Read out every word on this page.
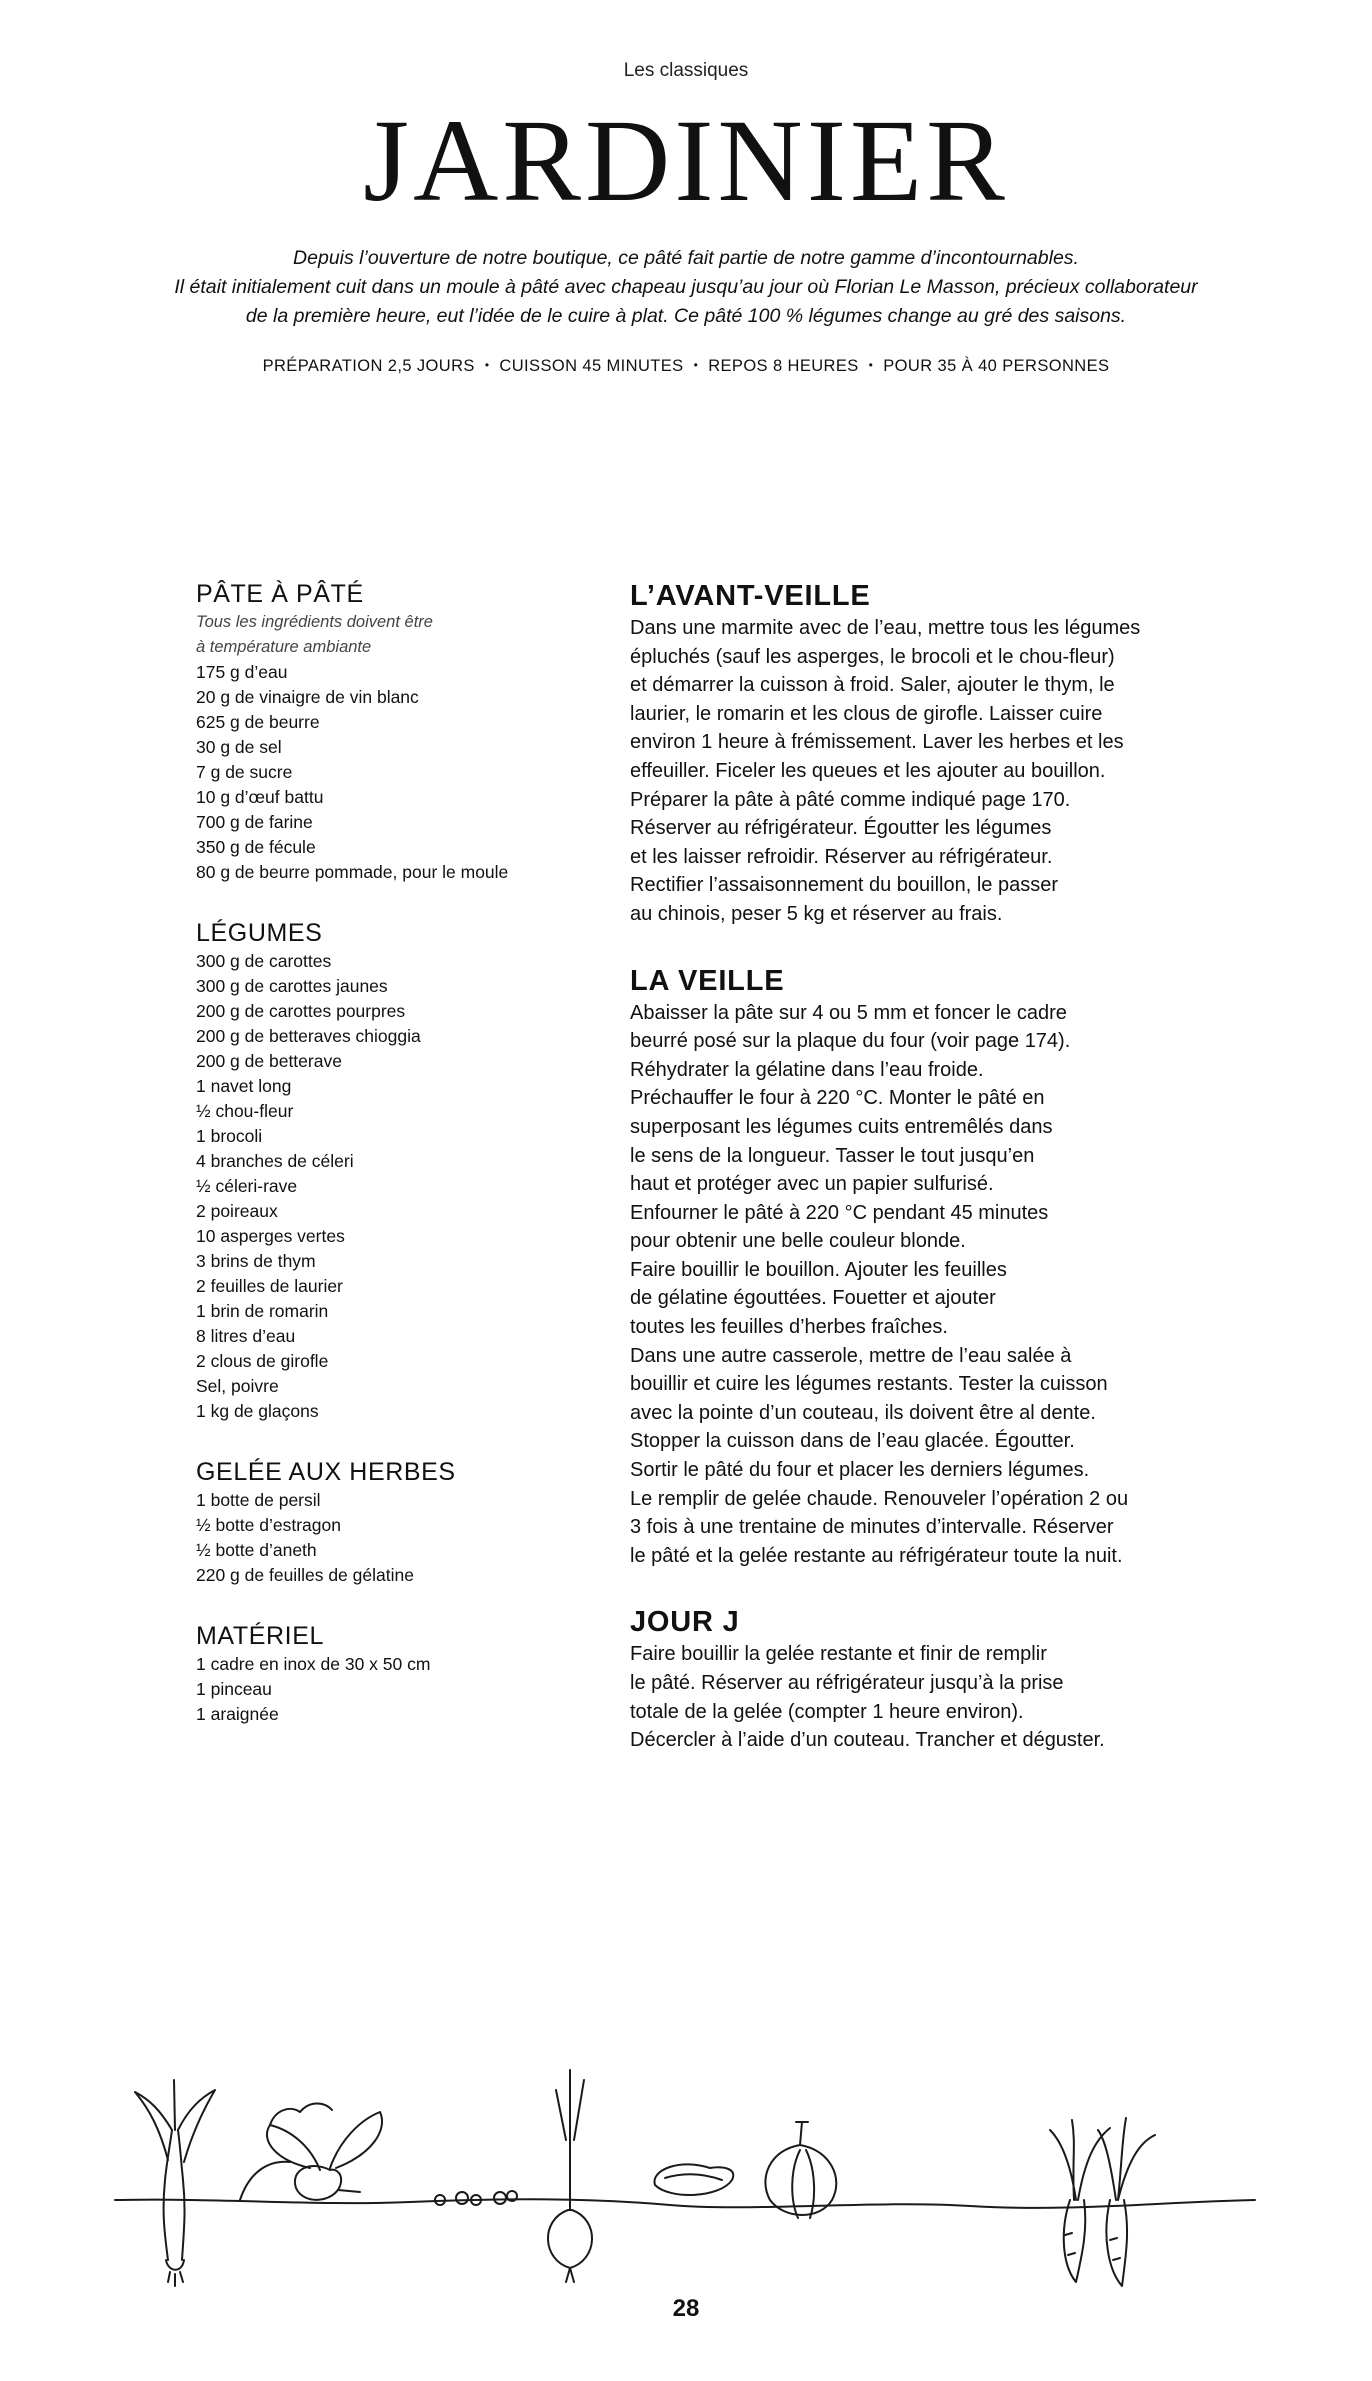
Les classiques
JARDINIER
Depuis l’ouverture de notre boutique, ce pâté fait partie de notre gamme d’incontournables.
Il était initialement cuit dans un moule à pâté avec chapeau jusqu’au jour où Florian Le Masson, précieux collaborateur
de la première heure, eut l’idée de le cuire à plat. Ce pâté 100 % légumes change au gré des saisons.
PRÉPARATION 2,5 JOURS • CUISSON 45 MINUTES • REPOS 8 HEURES • POUR 35 À 40 PERSONNES
PÂTE À PÂTÉ
Tous les ingrédients doivent être
à température ambiante
175 g d’eau
20 g de vinaigre de vin blanc
625 g de beurre
30 g de sel
7 g de sucre
10 g d’œuf battu
700 g de farine
350 g de fécule
80 g de beurre pommade, pour le moule
LÉGUMES
300 g de carottes
300 g de carottes jaunes
200 g de carottes pourpres
200 g de betteraves chioggia
200 g de betterave
1 navet long
½ chou-fleur
1 brocoli
4 branches de céleri
½ céleri-rave
2 poireaux
10 asperges vertes
3 brins de thym
2 feuilles de laurier
1 brin de romarin
8 litres d’eau
2 clous de girofle
Sel, poivre
1 kg de glaçons
GELÉE AUX HERBES
1 botte de persil
½ botte d’estragon
½ botte d’aneth
220 g de feuilles de gélatine
MATÉRIEL
1 cadre en inox de 30 x 50 cm
1 pinceau
1 araignée
L’AVANT-VEILLE
Dans une marmite avec de l’eau, mettre tous les légumes
épluchés (sauf les asperges, le brocoli et le chou-fleur)
et démarrer la cuisson à froid. Saler, ajouter le thym, le
laurier, le romarin et les clous de girofle. Laisser cuire
environ 1 heure à frémissement. Laver les herbes et les
effeuiller. Ficeler les queues et les ajouter au bouillon.
Préparer la pâte à pâté comme indiqué page 170.
Réserver au réfrigérateur. Égoutter les légumes
et les laisser refroidir. Réserver au réfrigérateur.
Rectifier l’assaisonnement du bouillon, le passer
au chinois, peser 5 kg et réserver au frais.
LA VEILLE
Abaisser la pâte sur 4 ou 5 mm et foncer le cadre
beurré posé sur la plaque du four (voir page 174).
Réhydrater la gélatine dans l’eau froide.
Préchauffer le four à 220 °C. Monter le pâté en
superposant les légumes cuits entremêlés dans
le sens de la longueur. Tasser le tout jusqu’en
haut et protéger avec un papier sulfurisé.
Enfourner le pâté à 220 °C pendant 45 minutes
pour obtenir une belle couleur blonde.
Faire bouillir le bouillon. Ajouter les feuilles
de gélatine égouttées. Fouetter et ajouter
toutes les feuilles d’herbes fraîches.
Dans une autre casserole, mettre de l’eau salée à
bouillir et cuire les légumes restants. Tester la cuisson
avec la pointe d’un couteau, ils doivent être al dente.
Stopper la cuisson dans de l’eau glacée. Égoutter.
Sortir le pâté du four et placer les derniers légumes.
Le remplir de gelée chaude. Renouveler l’opération 2 ou
3 fois à une trentaine de minutes d’intervalle. Réserver
le pâté et la gelée restante au réfrigérateur toute la nuit.
JOUR J
Faire bouillir la gelée restante et finir de remplir
le pâté. Réserver au réfrigérateur jusqu’à la prise
totale de la gelée (compter 1 heure environ).
Décercler à l’aide d’un couteau. Trancher et déguster.
28
